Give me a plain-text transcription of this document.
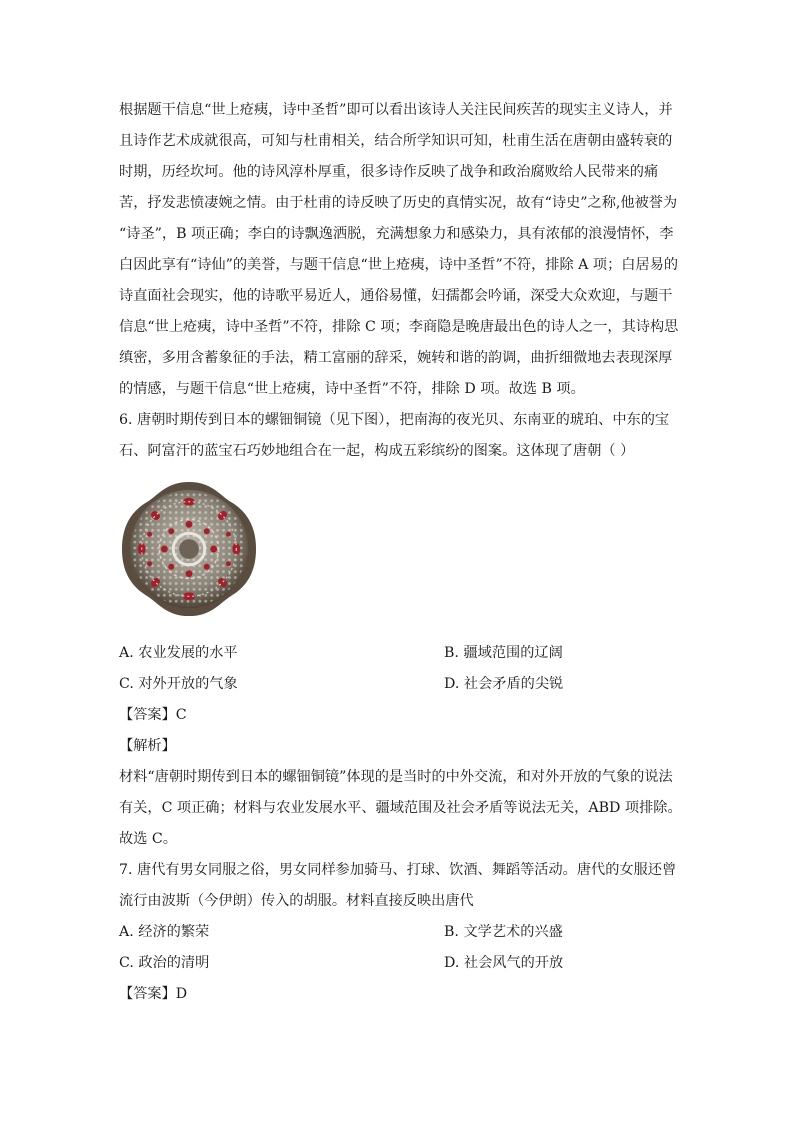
根据题干信息“世上疮痍，诗中圣哲”即可以看出该诗人关注民间疾苦的现实主义诗人，并
且诗作艺术成就很高，可知与杜甫相关，结合所学知识可知，杜甫生活在唐朝由盛转衰的
时期，历经坎坷。他的诗风淳朴厚重，很多诗作反映了战争和政治腐败给人民带来的痛
苦，抒发悲愤凄婉之情。由于杜甫的诗反映了历史的真情实况，故有“诗史”之称,他被誉为
“诗圣”，B 项正确；李白的诗飘逸洒脱，充满想象力和感染力，具有浓郁的浪漫情怀，李
白因此享有“诗仙”的美誉，与题干信息“世上疮痍，诗中圣哲”不符，排除 A 项；白居易的
诗直面社会现实，他的诗歌平易近人，通俗易懂，妇孺都会吟诵，深受大众欢迎，与题干
信息“世上疮痍，诗中圣哲”不符，排除 C 项；李商隐是晚唐最出色的诗人之一，其诗构思
缜密，多用含蓄象征的手法，精工富丽的辞采，婉转和谐的韵调，曲折细微地去表现深厚
的情感，与题干信息“世上疮痍，诗中圣哲”不符，排除 D 项。故选 B 项。
6. 唐朝时期传到日本的螺钿铜镜（见下图），把南海的夜光贝、东南亚的琥珀、中东的宝
石、阿富汗的蓝宝石巧妙地组合在一起，构成五彩缤纷的图案。这体现了唐朝（ ）
A. 农业发展的水平	B. 疆域范围的辽阔
C. 对外开放的气象	D. 社会矛盾的尖锐
【答案】C
【解析】
材料“唐朝时期传到日本的螺钿铜镜”体现的是当时的中外交流，和对外开放的气象的说法
有关，C 项正确；材料与农业发展水平、疆域范围及社会矛盾等说法无关，ABD 项排除。
故选 C。
7. 唐代有男女同服之俗，男女同样参加骑马、打球、饮酒、舞蹈等活动。唐代的女服还曾
流行由波斯（今伊朗）传入的胡服。材料直接反映出唐代
A. 经济的繁荣	B. 文学艺术的兴盛
C. 政治的清明	D. 社会风气的开放
【答案】D
